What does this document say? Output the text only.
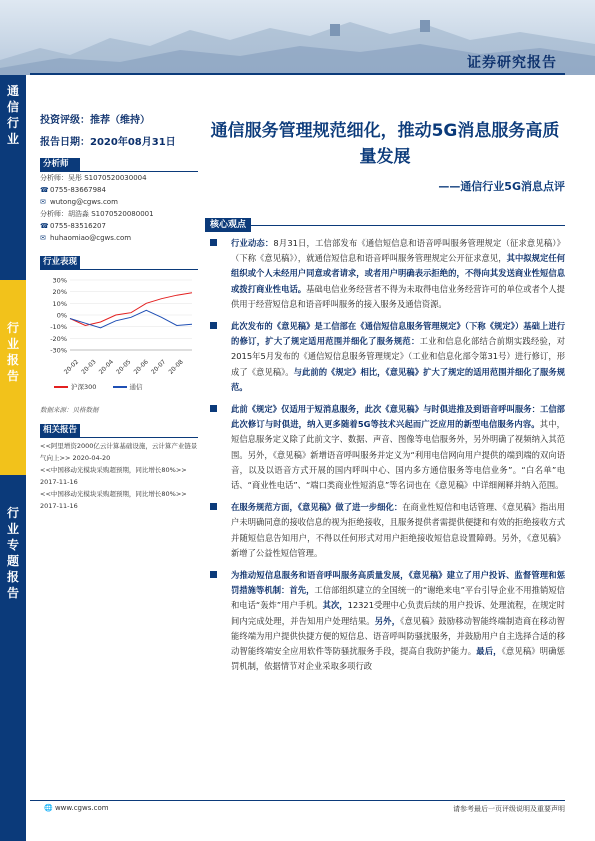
证券研究报告
通信行业
行业报告
行业专题报告
投资评级：推荐（维持）
报告日期：2020年08月31日
分析师
分析师：吴彤 S1070520030004
☎0755-83667984
✉ wutong@cgws.com
分析师：胡浩淼 S1070520080001
☎0755-83516207
✉ huhaomiao@cgws.com
行业表现
30%
20%
10%
0%
-10%
-20%
-30%
20-02 20-03 20-04 20-05 20-06 20-07 20-08
沪深300	通信
数据来源：贝格数据
相关报告
<<阿里增资2000亿云计算基础设施，云计算产业链景气向上>> 2020-04-20
<<中国移动光模块采购超预期，同比增长80%>> 2017-11-16
<<中国移动光模块采购超预期，同比增长80%>> 2017-11-16
通信服务管理规范细化，推动5G消息服务高质量发展
——通信行业5G消息点评
核心观点
行业动态：8月31日，工信部发布《通信短信息和语音呼叫服务管理规定（征求意见稿）》（下称《意见稿》），就通信短信息和语音呼叫服务管理规定公开征求意见，其中拟规定任何组织或个人未经用户同意或者请求，或者用户明确表示拒绝的，不得向其发送商业性短信息或拨打商业性电话。基础电信业务经营者不得为未取得电信业务经营许可的单位或者个人提供用于经营短信息和语音呼叫服务的接入服务及通信资源。
此次发布的《意见稿》是工信部在《通信短信息服务管理规定》（下称《规定》）基础上进行的修订，扩大了规定适用范围并细化了服务规范：工业和信息化部结合前期实践经验，对2015年5月发布的《通信短信息服务管理规定》（工业和信息化部令第31号）进行修订，形成了《意见稿》。与此前的《规定》相比，《意见稿》扩大了规定的适用范围并细化了服务规范。
此前《规定》仅适用于短消息服务，此次《意见稿》与时俱进推及到语音呼叫服务：工信部此次修订与时俱进，纳入更多随着5G等技术兴起而广泛应用的新型电信服务内容。其中，短信息服务定义除了此前文字、数据、声音、图像等电信服务外，另外明确了视频纳入其范围。另外，《意见稿》新增语音呼叫服务并定义为“利用电信网向用户提供的端到端的双向语音，以及以语音方式开展的国内呼叫中心、国内多方通信服务等电信业务”。“白名单”电话、“商业性电话”、“端口类商业性短消息”等名词也在《意见稿》中详细阐释并纳入范围。
在服务规范方面，《意见稿》做了进一步细化：在商业性短信和电话管理、《意见稿》指出用户未明确同意的接收信息的视为拒绝接收，且服务提供者需提供便捷和有效的拒绝接收方式并随短信息告知用户，不得以任何形式对用户拒绝接收短信息设置障碍。另外，《意见稿》新增了公益性短信管理。
为推动短信息服务和语音呼叫服务高质量发展，《意见稿》建立了用户投诉、监督管理和惩罚措施等机制：首先，工信部组织建立的全国统一的“谢绝来电”平台引导企业不用推销短信和电话“轰炸”用户手机。其次，12321受理中心负责后续的用户投诉、处理流程，在规定时间内完成处理，并告知用户处理结果。另外，《意见稿》鼓励移动智能终端制造商在移动智能终端为用户提供快捷方便的短信息、语音呼叫防骚扰服务，并鼓励用户自主选择合适的移动智能终端安全应用软件等防骚扰服务手段，提高自我防护能力。最后，《意见稿》明确惩罚机制，依据情节对企业采取多项行政
🌐 www.cgws.com	请参考最后一页评级说明及重要声明
